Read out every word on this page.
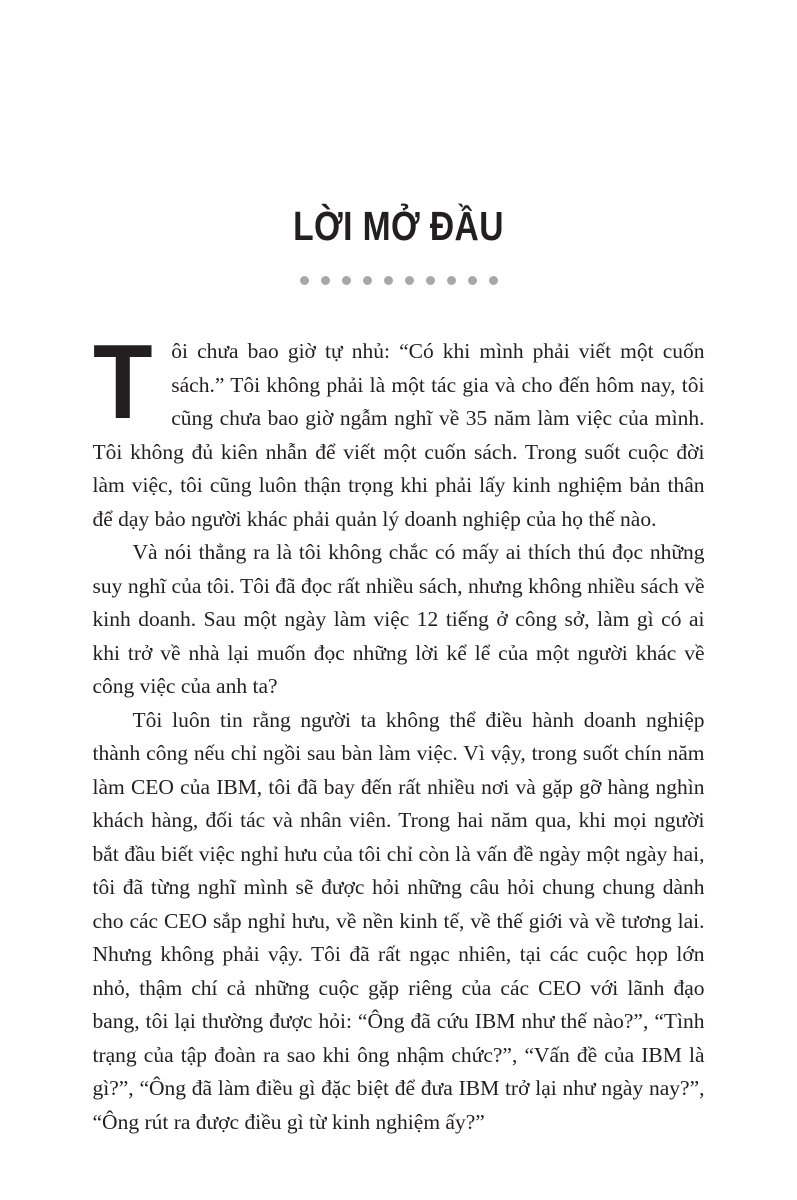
LỜI MỞ ĐẦU

Tôi chưa bao giờ tự nhủ: “Có khi mình phải viết một cuốn sách.” Tôi không phải là một tác gia và cho đến hôm nay, tôi cũng chưa bao giờ ngẫm nghĩ về 35 năm làm việc của mình. Tôi không đủ kiên nhẫn để viết một cuốn sách. Trong suốt cuộc đời làm việc, tôi cũng luôn thận trọng khi phải lấy kinh nghiệm bản thân để dạy bảo người khác phải quản lý doanh nghiệp của họ thế nào.

Và nói thẳng ra là tôi không chắc có mấy ai thích thú đọc những suy nghĩ của tôi. Tôi đã đọc rất nhiều sách, nhưng không nhiều sách về kinh doanh. Sau một ngày làm việc 12 tiếng ở công sở, làm gì có ai khi trở về nhà lại muốn đọc những lời kể lể của một người khác về công việc của anh ta?

Tôi luôn tin rằng người ta không thể điều hành doanh nghiệp thành công nếu chỉ ngồi sau bàn làm việc. Vì vậy, trong suốt chín năm làm CEO của IBM, tôi đã bay đến rất nhiều nơi và gặp gỡ hàng nghìn khách hàng, đối tác và nhân viên. Trong hai năm qua, khi mọi người bắt đầu biết việc nghỉ hưu của tôi chỉ còn là vấn đề ngày một ngày hai, tôi đã từng nghĩ mình sẽ được hỏi những câu hỏi chung chung dành cho các CEO sắp nghỉ hưu, về nền kinh tế, về thế giới và về tương lai. Nhưng không phải vậy. Tôi đã rất ngạc nhiên, tại các cuộc họp lớn nhỏ, thậm chí cả những cuộc gặp riêng của các CEO với lãnh đạo bang, tôi lại thường được hỏi: “Ông đã cứu IBM như thế nào?”, “Tình trạng của tập đoàn ra sao khi ông nhậm chức?”, “Vấn đề của IBM là gì?”, “Ông đã làm điều gì đặc biệt để đưa IBM trở lại như ngày nay?”, “Ông rút ra được điều gì từ kinh nghiệm ấy?”
